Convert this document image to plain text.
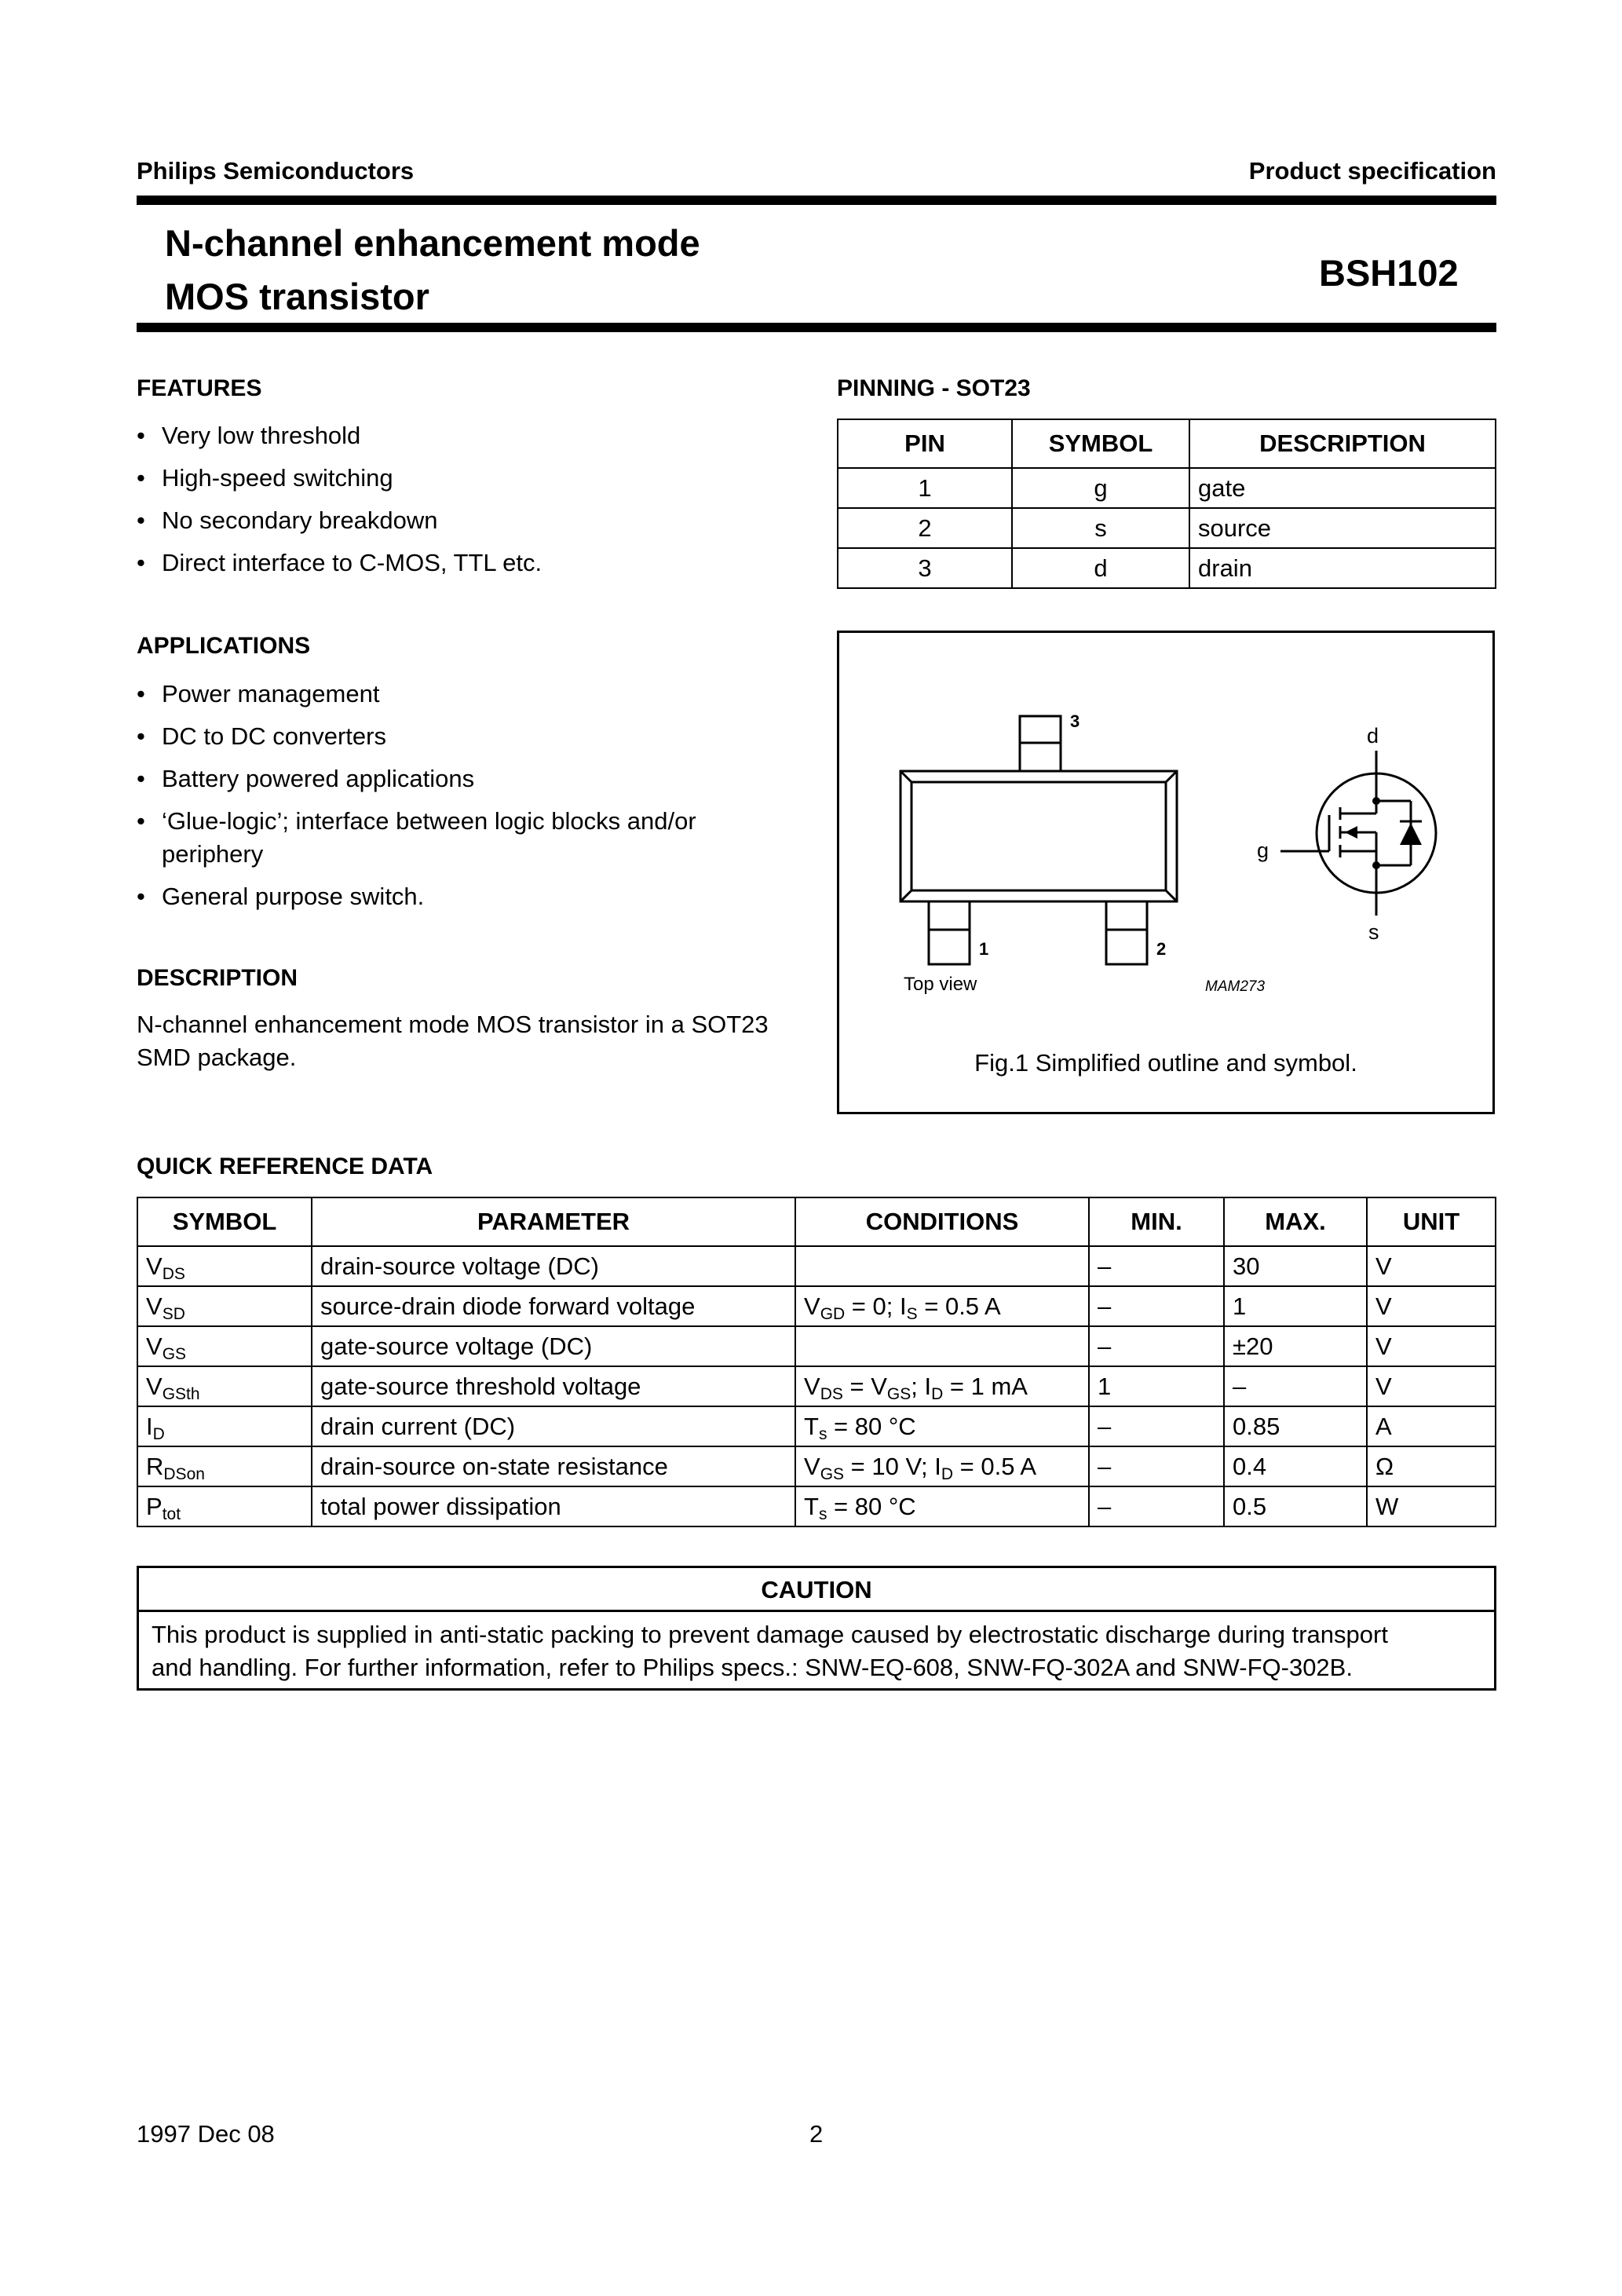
Philips Semiconductors	Product specification
N-channel enhancement mode
MOS transistor
BSH102
FEATURES
• Very low threshold
• High-speed switching
• No secondary breakdown
• Direct interface to C-MOS, TTL etc.
APPLICATIONS
• Power management
• DC to DC converters
• Battery powered applications
• ‘Glue-logic’; interface between logic blocks and/or periphery
• General purpose switch.
DESCRIPTION
N-channel enhancement mode MOS transistor in a SOT23 SMD package.
PINNING - SOT23
PIN	SYMBOL	DESCRIPTION
1	g	gate
2	s	source
3	d	drain
3
1	2
d
g
s
Top view	MAM273
Fig.1 Simplified outline and symbol.
QUICK REFERENCE DATA
SYMBOL	PARAMETER	CONDITIONS	MIN.	MAX.	UNIT
$V_{DS}$	drain-source voltage (DC)		–	30	V
$V_{SD}$	source-drain diode forward voltage	$V_{GD} = 0$; $I_S = 0.5$ A	–	1	V
$V_{GS}$	gate-source voltage (DC)		–	±20	V
$V_{GSth}$	gate-source threshold voltage	$V_{DS} = V_{GS}$; $I_D = 1$ mA	1	–	V
$I_D$	drain current (DC)	$T_s = 80$ °C	–	0.85	A
$R_{DSon}$	drain-source on-state resistance	$V_{GS} = 10$ V; $I_D = 0.5$ A	–	0.4	Ω
$P_{tot}$	total power dissipation	$T_s = 80$ °C	–	0.5	W
CAUTION
This product is supplied in anti-static packing to prevent damage caused by electrostatic discharge during transport
and handling. For further information, refer to Philips specs.: SNW-EQ-608, SNW-FQ-302A and SNW-FQ-302B.
1997 Dec 08	2
